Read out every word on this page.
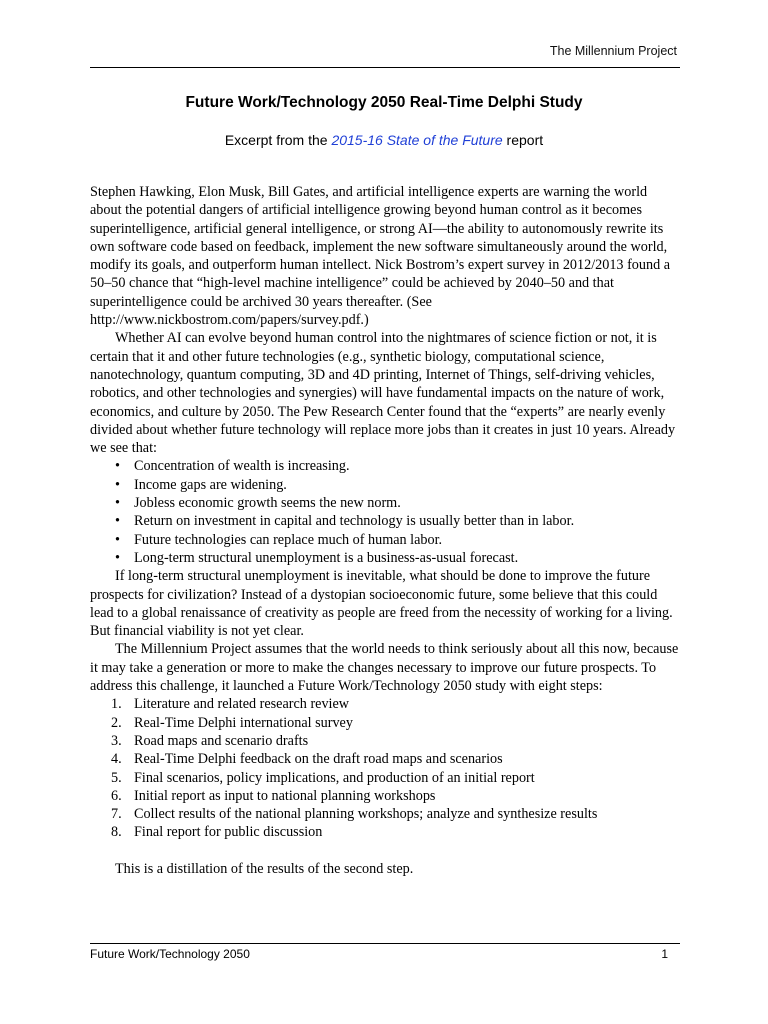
The Millennium Project
Future Work/Technology 2050 Real-Time Delphi Study
Excerpt from the 2015-16 State of the Future report

Stephen Hawking, Elon Musk, Bill Gates, and artificial intelligence experts are warning the world about the potential dangers of artificial intelligence growing beyond human control as it becomes superintelligence, artificial general intelligence, or strong AI—the ability to autonomously rewrite its own software code based on feedback, implement the new software simultaneously around the world, modify its goals, and outperform human intellect. Nick Bostrom’s expert survey in 2012/2013 found a 50–50 chance that “high-level machine intelligence” could be achieved by 2040–50 and that superintelligence could be archived 30 years thereafter. (See http://www.nickbostrom.com/papers/survey.pdf.)

Whether AI can evolve beyond human control into the nightmares of science fiction or not, it is certain that it and other future technologies (e.g., synthetic biology, computational science, nanotechnology, quantum computing, 3D and 4D printing, Internet of Things, self-driving vehicles, robotics, and other technologies and synergies) will have fundamental impacts on the nature of work, economics, and culture by 2050. The Pew Research Center found that the “experts” are nearly evenly divided about whether future technology will replace more jobs than it creates in just 10 years. Already we see that:

• Concentration of wealth is increasing.
• Income gaps are widening.
• Jobless economic growth seems the new norm.
• Return on investment in capital and technology is usually better than in labor.
• Future technologies can replace much of human labor.
• Long-term structural unemployment is a business-as-usual forecast.

If long-term structural unemployment is inevitable, what should be done to improve the future prospects for civilization? Instead of a dystopian socioeconomic future, some believe that this could lead to a global renaissance of creativity as people are freed from the necessity of working for a living. But financial viability is not yet clear.

The Millennium Project assumes that the world needs to think seriously about all this now, because it may take a generation or more to make the changes necessary to improve our future prospects. To address this challenge, it launched a Future Work/Technology 2050 study with eight steps:

1. Literature and related research review
2. Real-Time Delphi international survey
3. Road maps and scenario drafts
4. Real-Time Delphi feedback on the draft road maps and scenarios
5. Final scenarios, policy implications, and production of an initial report
6. Initial report as input to national planning workshops
7. Collect results of the national planning workshops; analyze and synthesize results
8. Final report for public discussion

This is a distillation of the results of the second step.

Future Work/Technology 2050	1
